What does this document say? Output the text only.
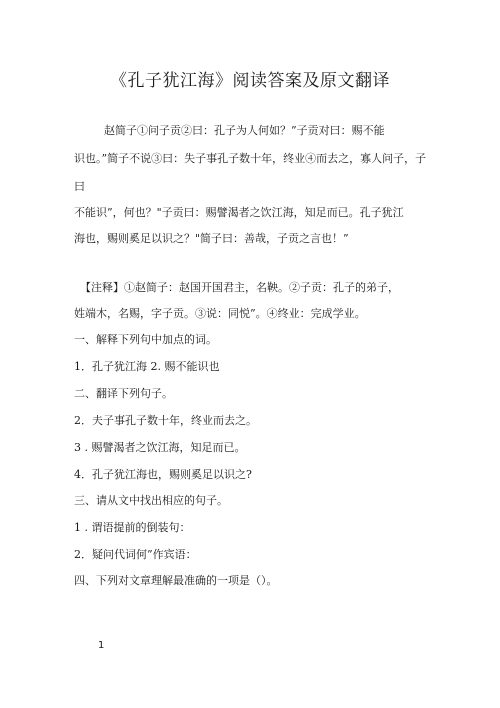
《孔子犹江海》阅读答案及原文翻译
赵简子①问子贡②曰：孔子为人何如？”子贡对曰：赐不能
识也。”简子不说③曰：失子事孔子数十年，终业④而去之，寡人问子，子
曰
不能识”，何也？"子贡曰：赐譬渴者之饮江海，知足而已。孔子犹江
海也，赐则奚足以识之？"简子曰：善哉，子贡之言也！”
【注释】①赵简子：赵国开国君主，名鞅。②子贡：孔子的弟子，
姓端木，名赐，字子贡。③说：同悦”。④终业：完成学业。
一、解释下列句中加点的词。
1．孔子犹江海 2. 赐不能识也
二、翻译下列句子。
2．夫子事孔子数十年，终业而去之。
3 . 赐譬渴者之饮江海，知足而已。
4．孔子犹江海也，赐则奚足以识之?
三、请从文中找出相应的句子。
1 . 谓语提前的倒装句：
2．疑问代词何”作宾语：
四、下列对文章理解最准确的一项是（）。
1
